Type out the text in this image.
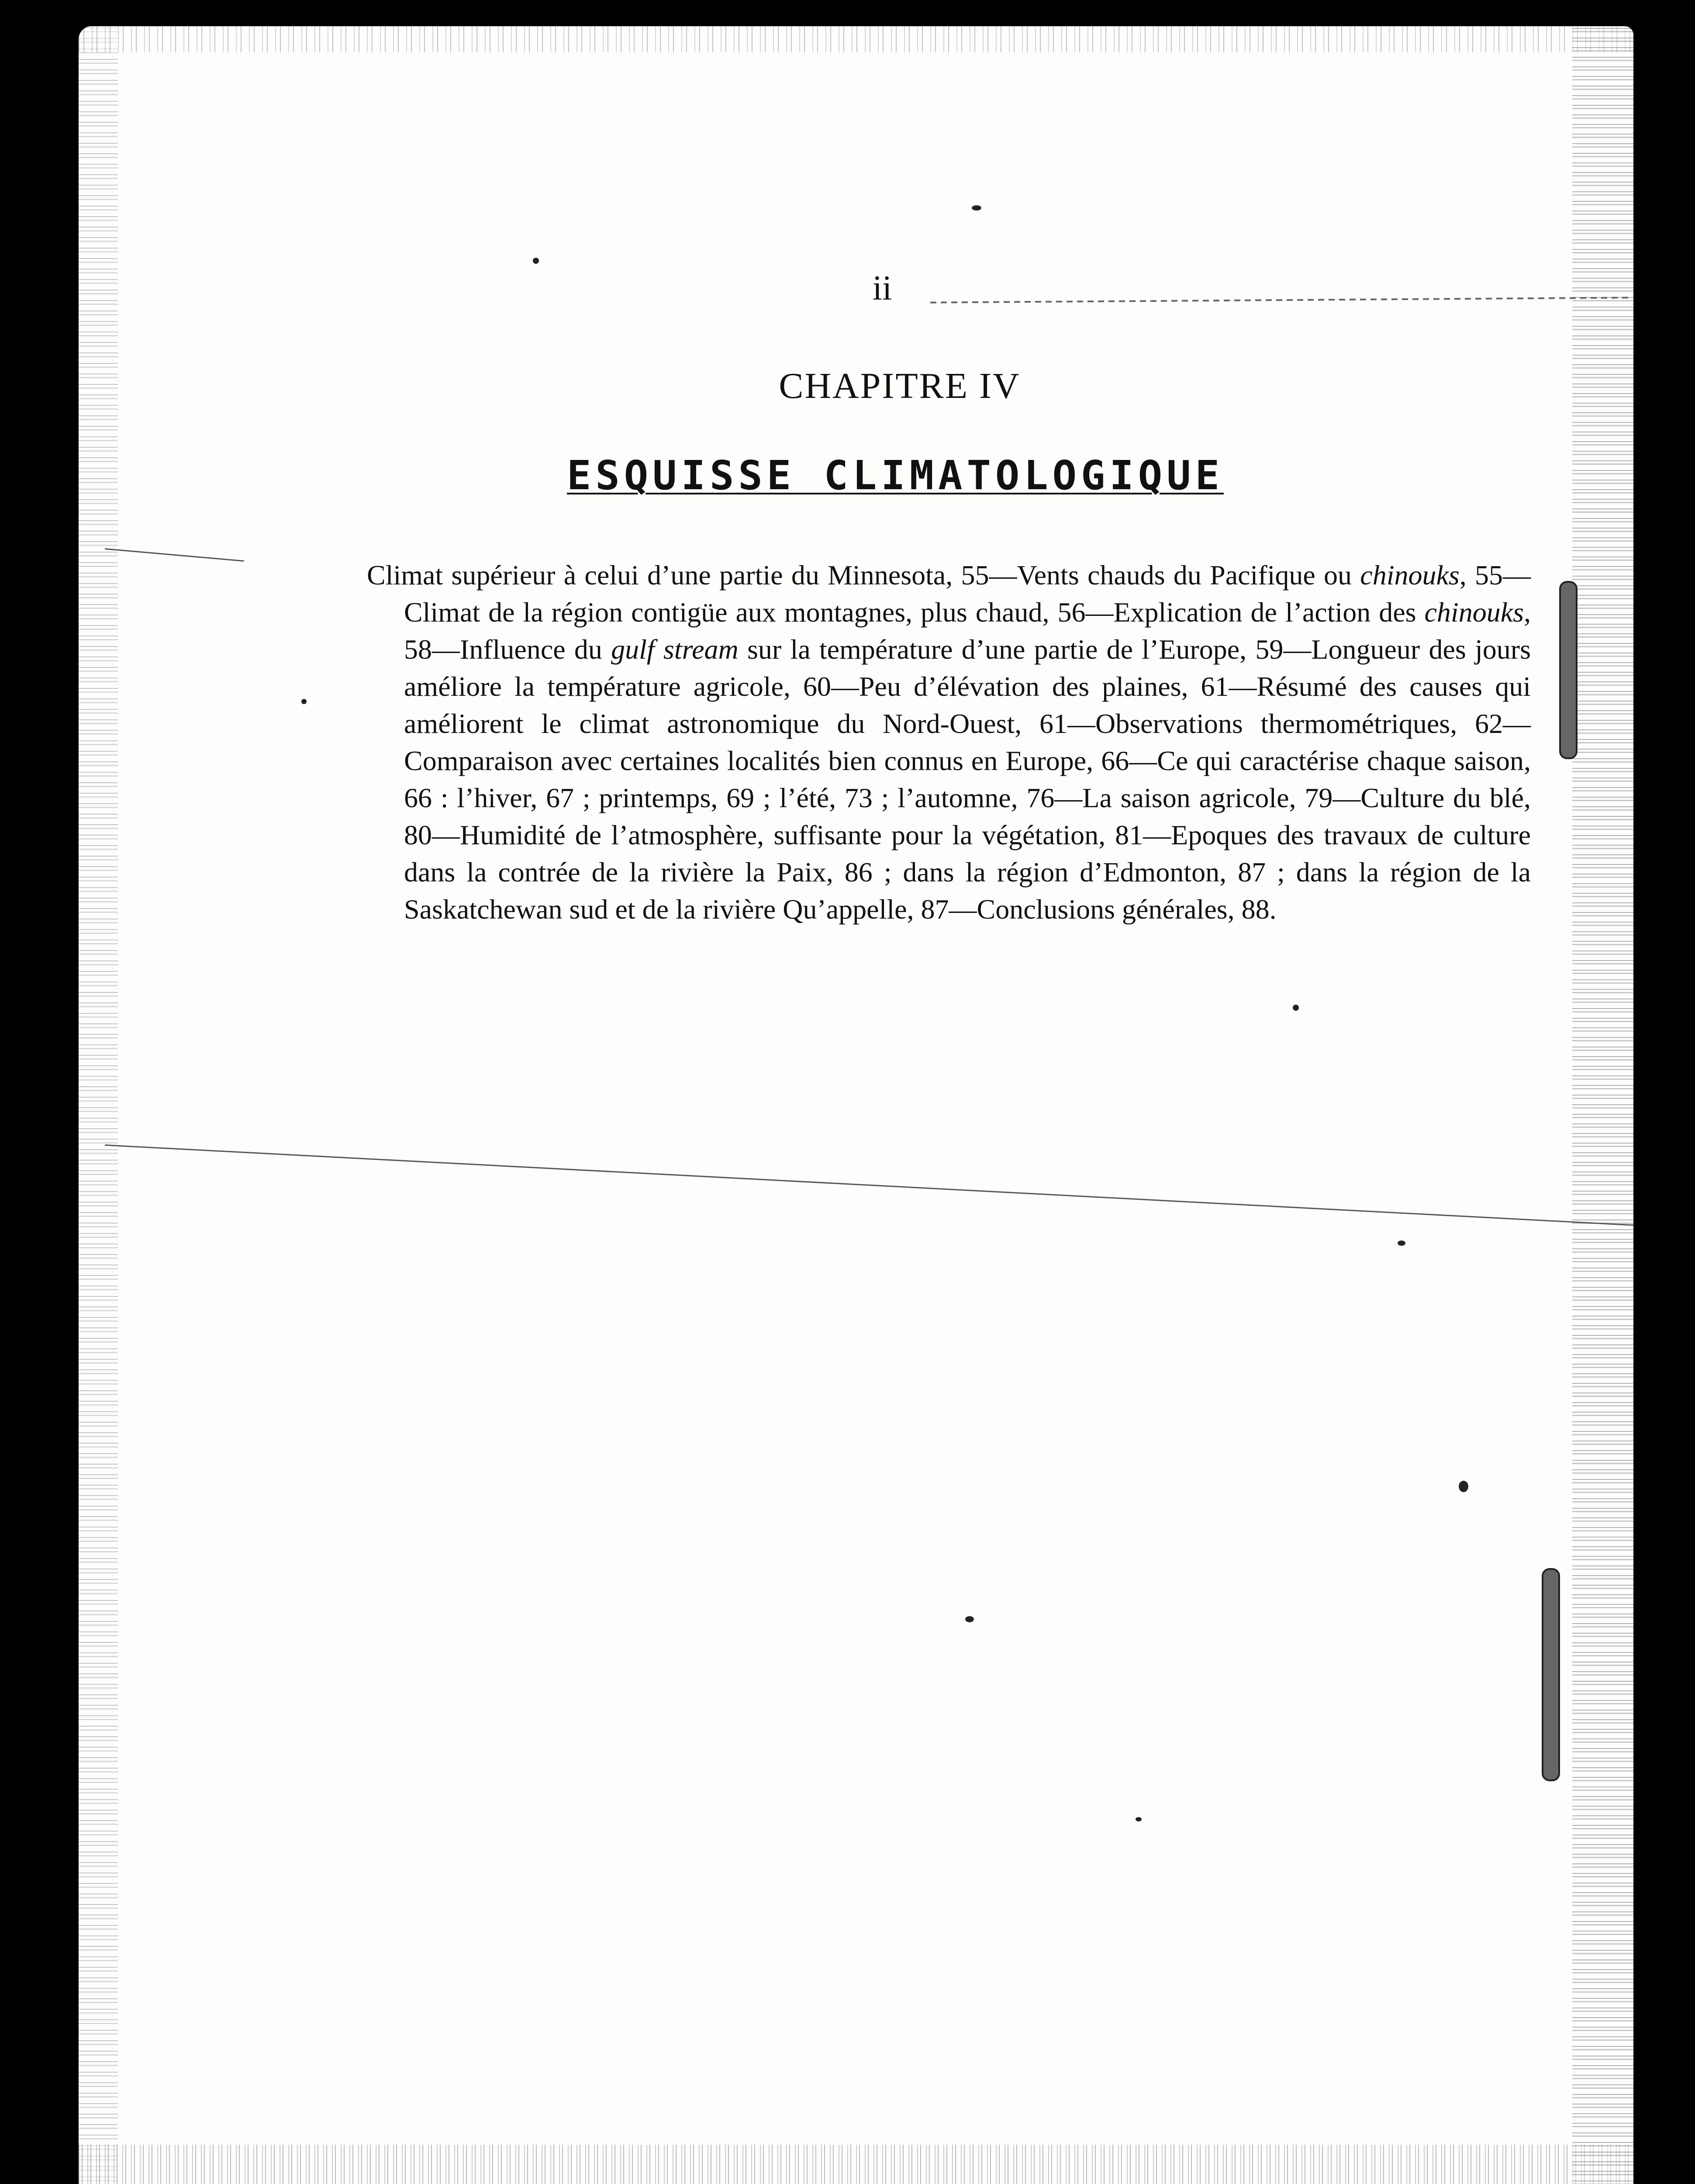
ii
CHAPITRE IV
ESQUISSE CLIMATOLOGIQUE

Climat supérieur à celui d’une partie du Minnesota, 55—Vents chauds du Pacifique ou chinouks, 55—Climat de la région contigüe aux montagnes, plus chaud, 56—Explication de l’action des chinouks, 58—Influence du gulf stream sur la température d’une partie de l’Europe, 59—Longueur des jours améliore la température agricole, 60—Peu d’élévation des plaines, 61—Résumé des causes qui améliorent le climat astronomique du Nord-Ouest, 61—Observations thermométriques, 62—Comparaison avec certaines localités bien connus en Europe, 66—Ce qui caractérise chaque saison, 66 : l’hiver, 67 ; printemps, 69 ; l’été, 73 ; l’automne, 76—La saison agricole, 79—Culture du blé, 80—Humidité de l’atmosphère, suffisante pour la végétation, 81—Epoques des travaux de culture dans la contrée de la rivière la Paix, 86 ; dans la région d’Edmonton, 87 ; dans la région de la Saskatchewan sud et de la rivière Qu’appelle, 87—Conclusions générales, 88.
